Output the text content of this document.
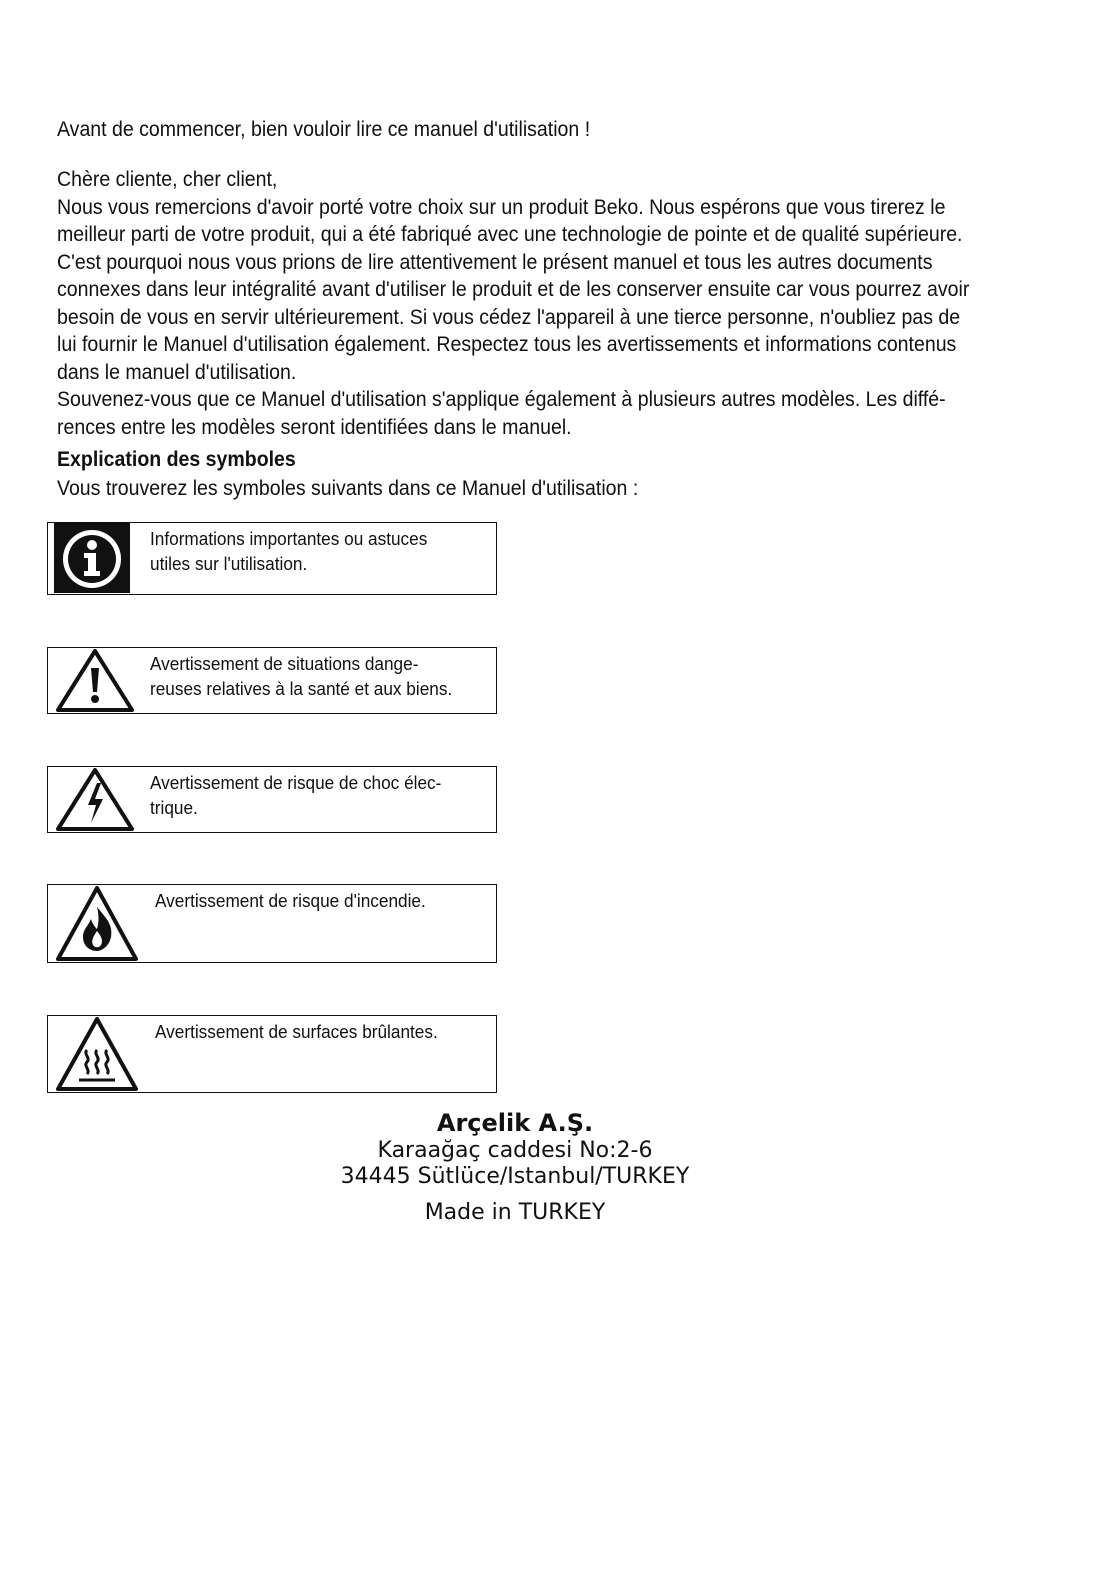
Avant de commencer, bien vouloir lire ce manuel d'utilisation !

Chère cliente, cher client,

Nous vous remercions d'avoir porté votre choix sur un produit Beko. Nous espérons que vous tirerez le

meilleur parti de votre produit, qui a été fabriqué avec une technologie de pointe et de qualité supérieure.

C'est pourquoi nous vous prions de lire attentivement le présent manuel et tous les autres documents

connexes dans leur intégralité avant d'utiliser le produit et de les conserver ensuite car vous pourrez avoir

besoin de vous en servir ultérieurement. Si vous cédez l'appareil à une tierce personne, n'oubliez pas de

lui fournir le Manuel d'utilisation également. Respectez tous les avertissements et informations contenus

dans le manuel d'utilisation.

Souvenez-vous que ce Manuel d'utilisation s'applique également à plusieurs autres modèles. Les diffé-

rences entre les modèles seront identifiées dans le manuel.

Explication des symboles
Vous trouverez les symboles suivants dans ce Manuel d'utilisation :
Informations importantes ou astuces
utiles sur l'utilisation.
Avertissement de situations dange-
reuses relatives à la santé et aux biens.
Avertissement de risque de choc élec-
trique.
Avertissement de risque d'incendie.
Avertissement de surfaces brûlantes.
Arçelik A.Ş.
Karaağaç caddesi No:2-6
34445 Sütlüce/Istanbul/TURKEY
Made in TURKEY
